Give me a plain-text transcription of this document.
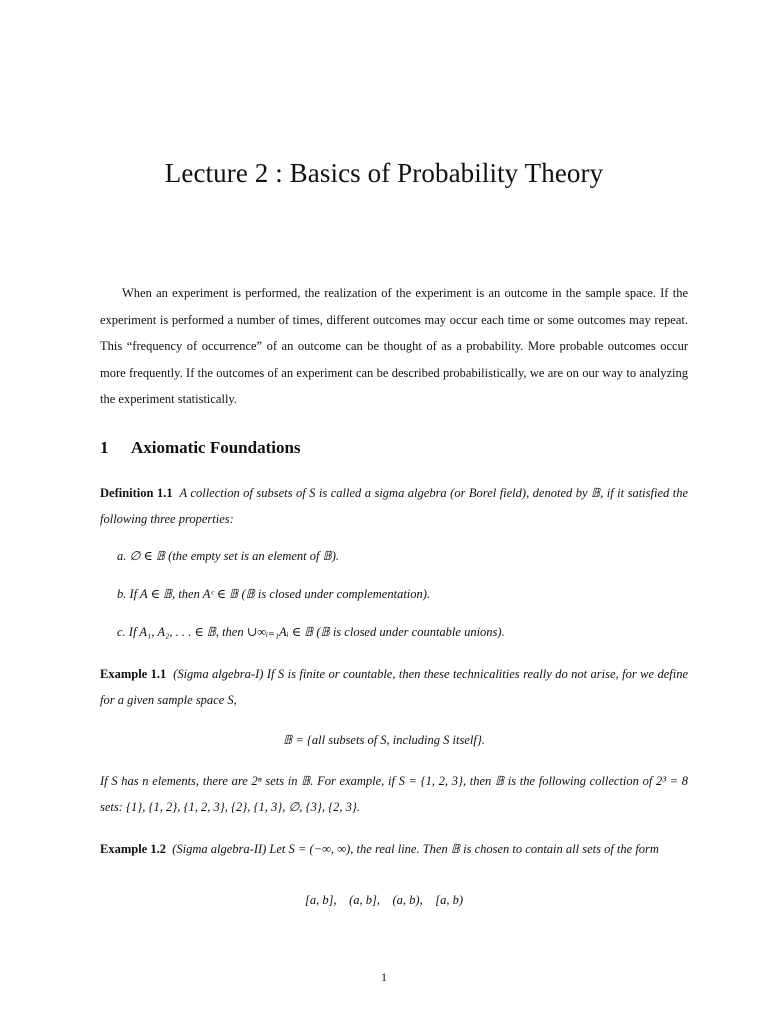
Lecture 2 : Basics of Probability Theory
When an experiment is performed, the realization of the experiment is an outcome in the sample space. If the experiment is performed a number of times, different outcomes may occur each time or some outcomes may repeat. This “frequency of occurrence” of an outcome can be thought of as a probability. More probable outcomes occur more frequently. If the outcomes of an experiment can be described probabilistically, we are on our way to analyzing the experiment statistically.
1 Axiomatic Foundations
Definition 1.1 A collection of subsets of S is called a sigma algebra (or Borel field), denoted by 𝔹, if it satisfied the following three properties:
a. ∅ ∈ 𝔹 (the empty set is an element of 𝔹).
b. If A ∈ 𝔹, then Aᶜ ∈ 𝔹 (𝔹 is closed under complementation).
c. If A₁, A₂, . . . ∈ 𝔹, then ∪∞ᵢ₌₁Aᵢ ∈ 𝔹 (𝔹 is closed under countable unions).
Example 1.1 (Sigma algebra-I) If S is finite or countable, then these technicalities really do not arise, for we define for a given sample space S,
𝔹 = {all subsets of S, including S itself}.
If S has n elements, there are 2ⁿ sets in 𝔹. For example, if S = {1, 2, 3}, then 𝔹 is the following collection of 2³ = 8 sets: {1}, {1, 2}, {1, 2, 3}, {2}, {1, 3}, ∅, {3}, {2, 3}.
Example 1.2 (Sigma algebra-II) Let S = (−∞, ∞), the real line. Then 𝔹 is chosen to contain all sets of the form
[a, b],    (a, b],    (a, b),    [a, b)
1
